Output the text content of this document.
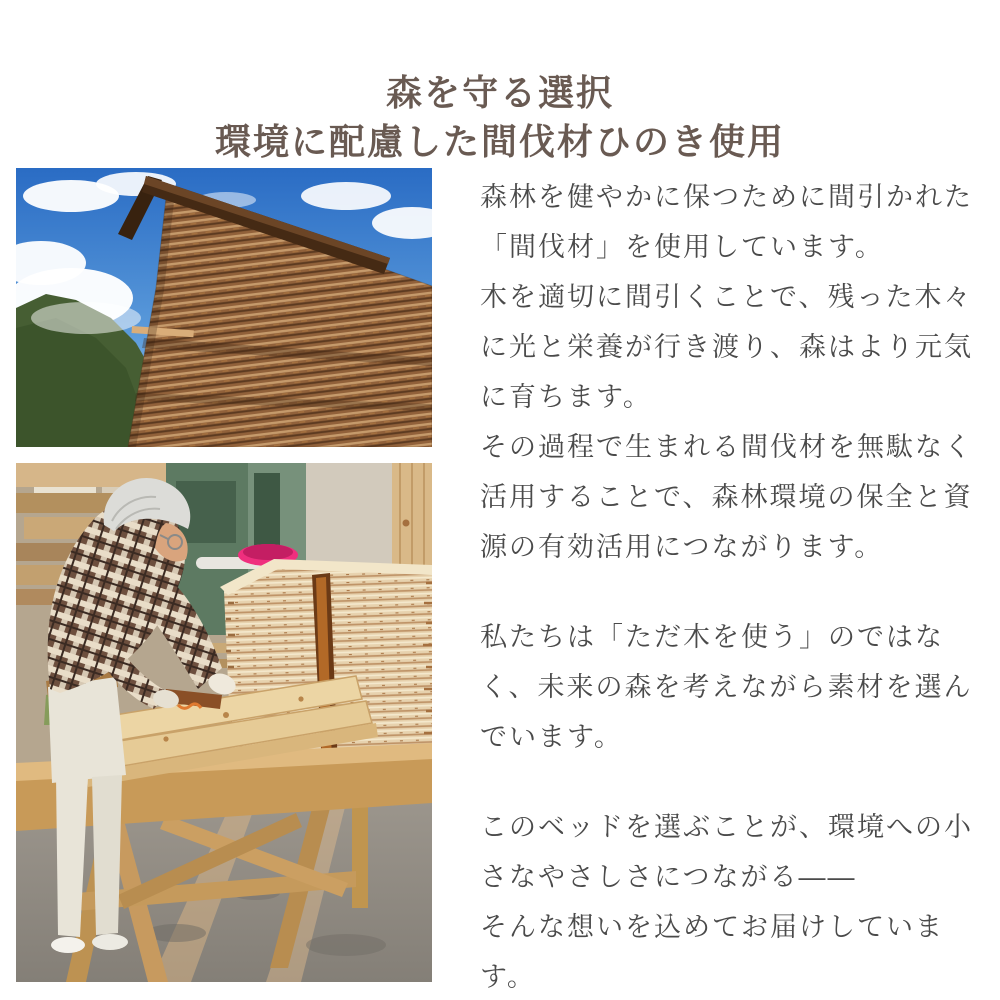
森を守る選択
環境に配慮した間伐材ひのき使用

森林を健やかに保つために間引かれた「間伐材」を使用しています。
木を適切に間引くことで、残った木々に光と栄養が行き渡り、森はより元気に育ちます。
その過程で生まれる間伐材を無駄なく活用することで、森林環境の保全と資源の有効活用につながります。

私たちは「ただ木を使う」のではなく、未来の森を考えながら素材を選んでいます。

このベッドを選ぶことが、環境への小さなやさしさにつながる――
そんな想いを込めてお届けしています。
